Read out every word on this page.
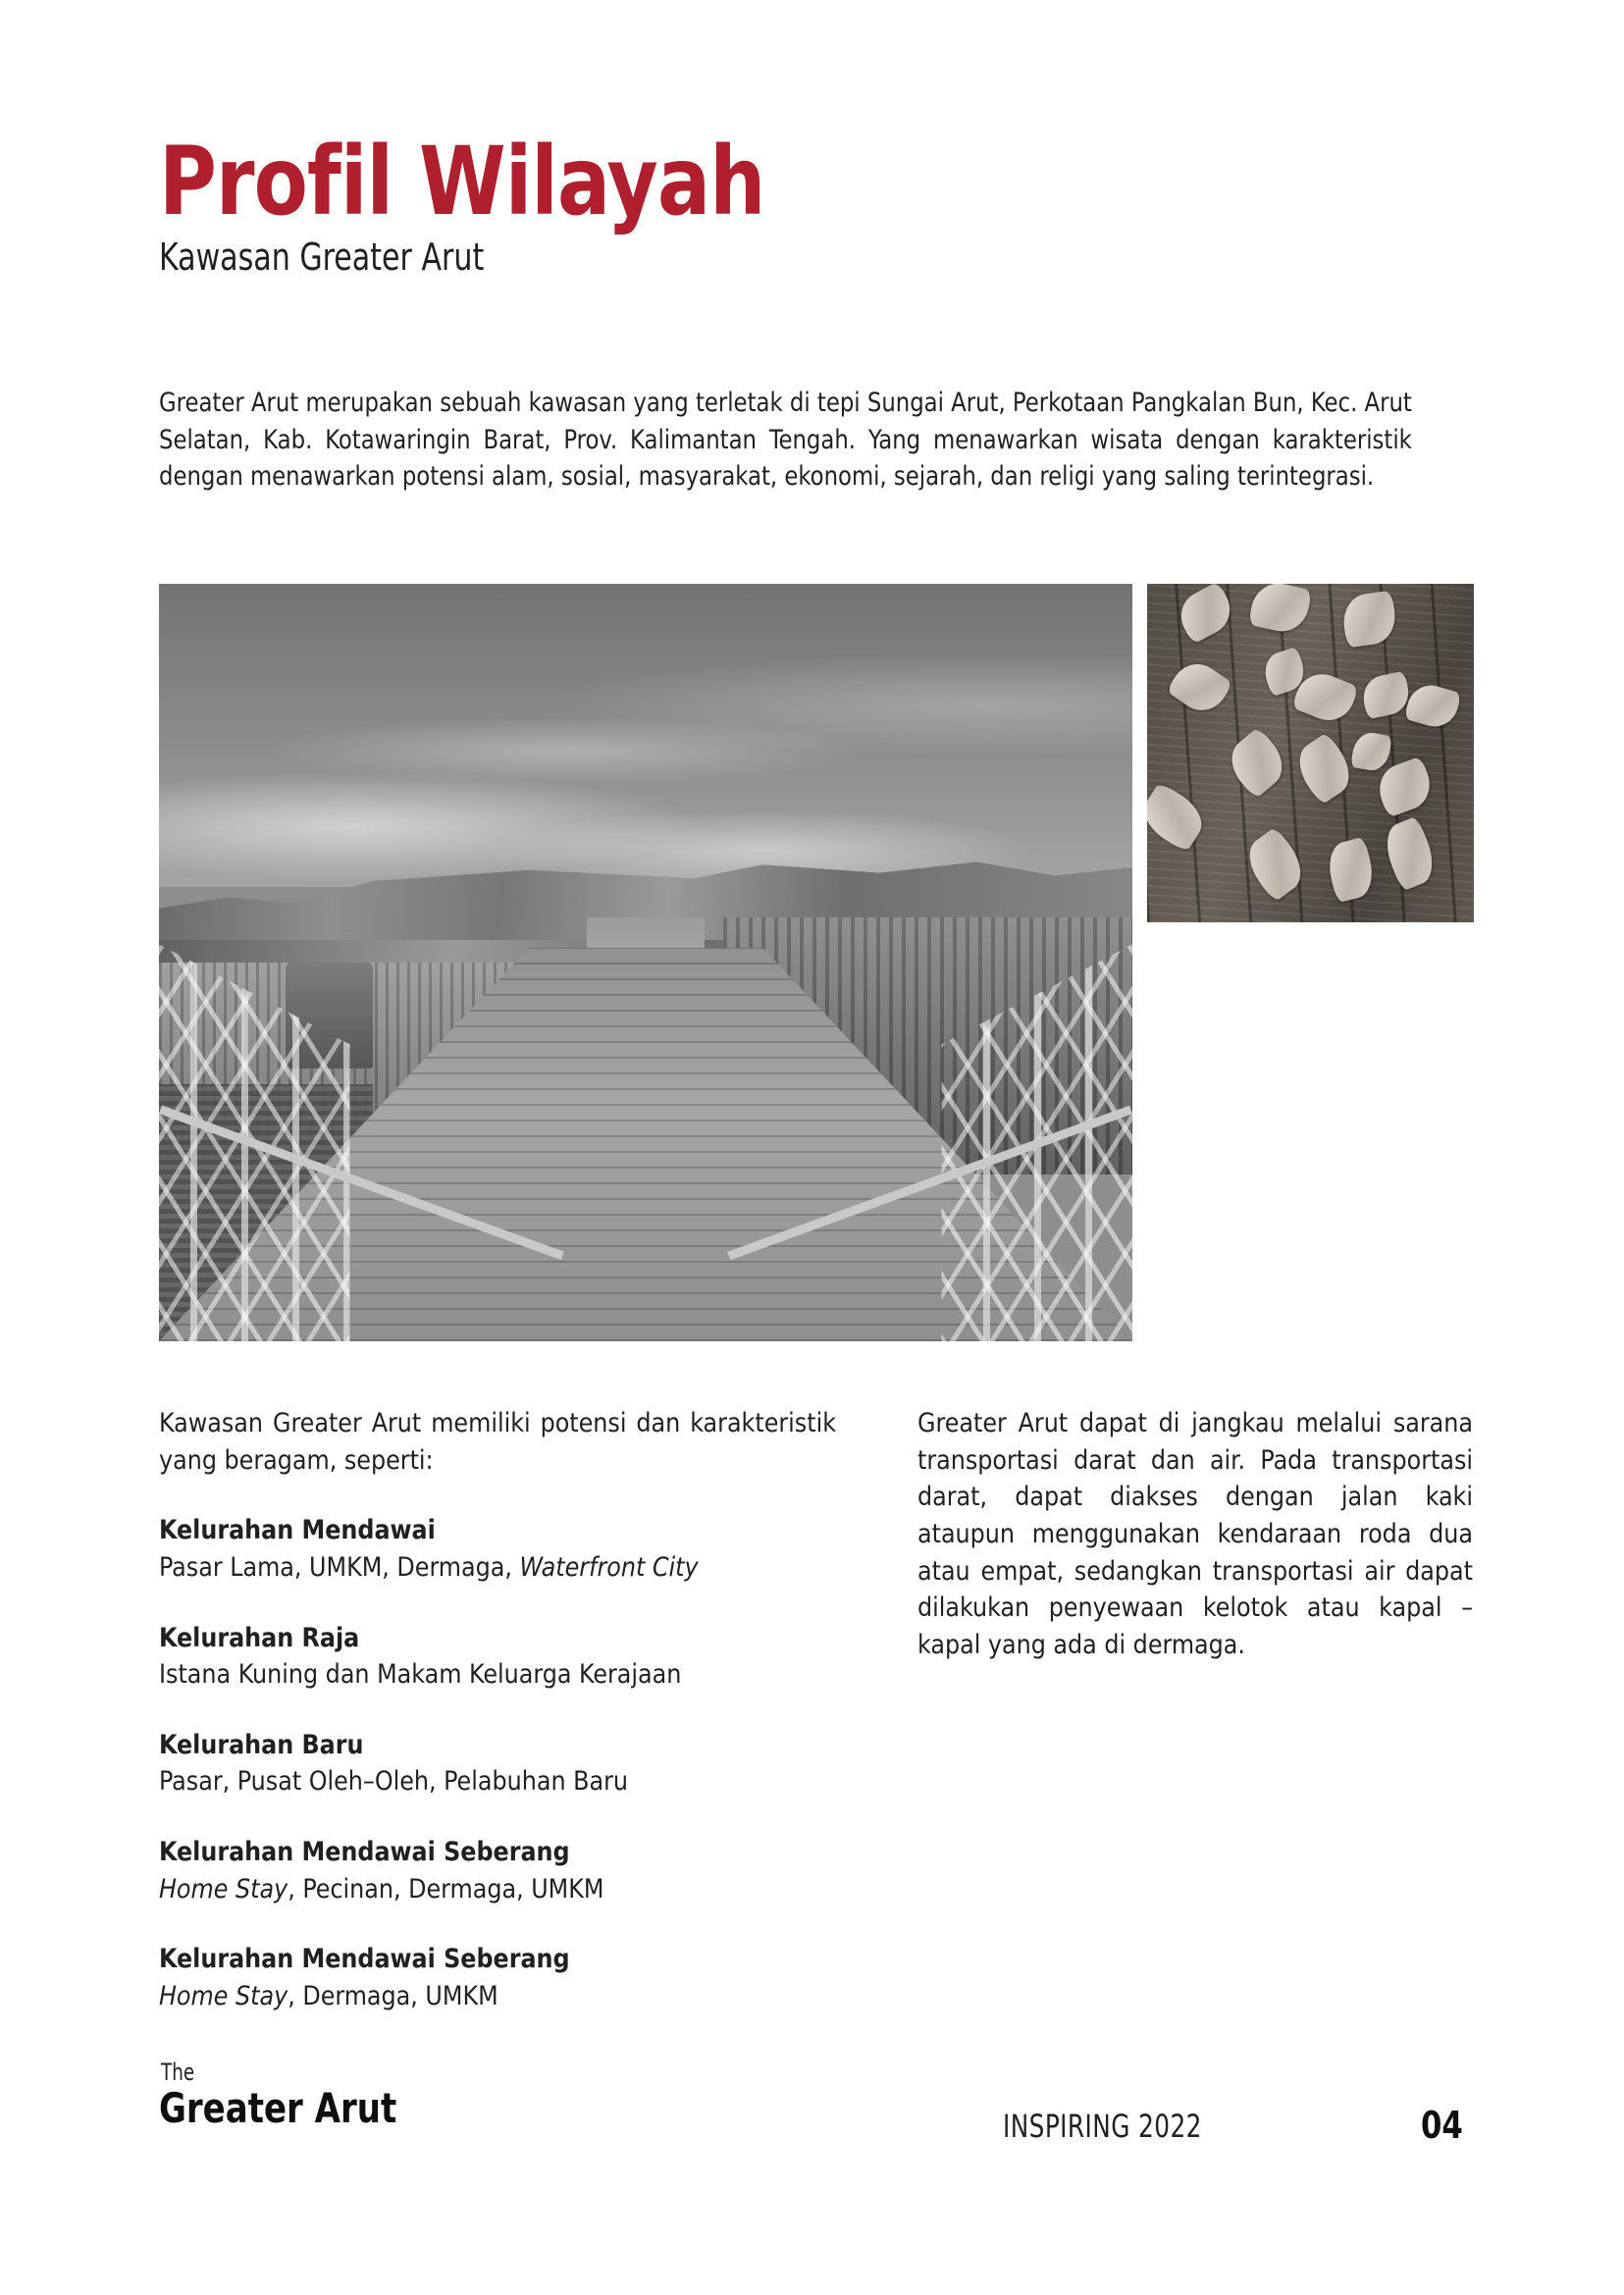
Profil Wilayah
Kawasan Greater Arut
Greater Arut merupakan sebuah kawasan yang terletak di tepi Sungai Arut, Perkotaan Pangkalan Bun, Kec. Arut Selatan, Kab. Kotawaringin Barat, Prov. Kalimantan Tengah. Yang menawarkan wisata dengan karakteristik dengan menawarkan potensi alam, sosial, masyarakat, ekonomi, sejarah, dan religi yang saling terintegrasi.

Kawasan Greater Arut memiliki potensi dan karakteristik yang beragam, seperti:

Kelurahan Mendawai
Pasar Lama, UMKM, Dermaga, Waterfront City
Kelurahan Raja
Istana Kuning dan Makam Keluarga Kerajaan
Kelurahan Baru
Pasar, Pusat Oleh–Oleh, Pelabuhan Baru
Kelurahan Mendawai Seberang
Home Stay, Pecinan, Dermaga, UMKM
Kelurahan Mendawai Seberang
Home Stay, Dermaga, UMKM

Greater Arut dapat di jangkau melalui sarana transportasi darat dan air. Pada transportasi darat, dapat diakses dengan jalan kaki ataupun menggunakan kendaraan roda dua atau empat, sedangkan transportasi air dapat dilakukan penyewaan kelotok atau kapal – kapal yang ada di dermaga.

The
Greater Arut	INSPIRING 2022	04
